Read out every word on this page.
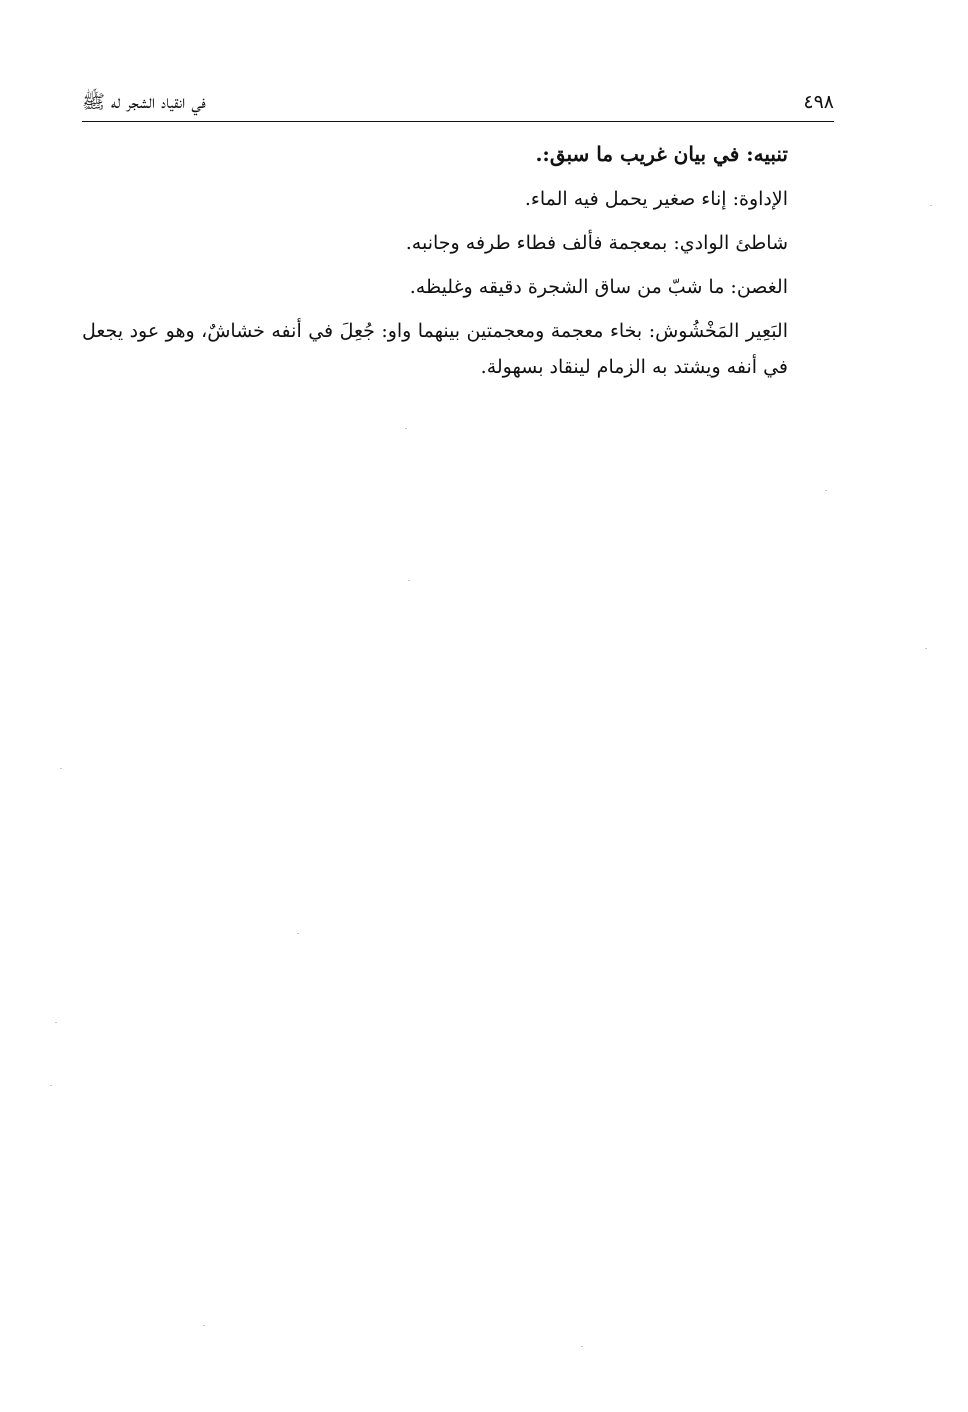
في انقياد الشجر له ﷺ	٤٩٨

تنبيه: في بيان غريب ما سبق:.

الإداوة: إناء صغير يحمل فيه الماء.

شاطئ الوادي: بمعجمة فألف فطاء طرفه وجانبه.

الغصن: ما شبّ من ساق الشجرة دقيقه وغليظه.

البَعِير المَخْشُوش: بخاء معجمة ومعجمتين بينهما واو: جُعِلَ في أنفه خشاشٌ، وهو عود يجعل في أنفه ويشتد به الزمام لينقاد بسهولة.
